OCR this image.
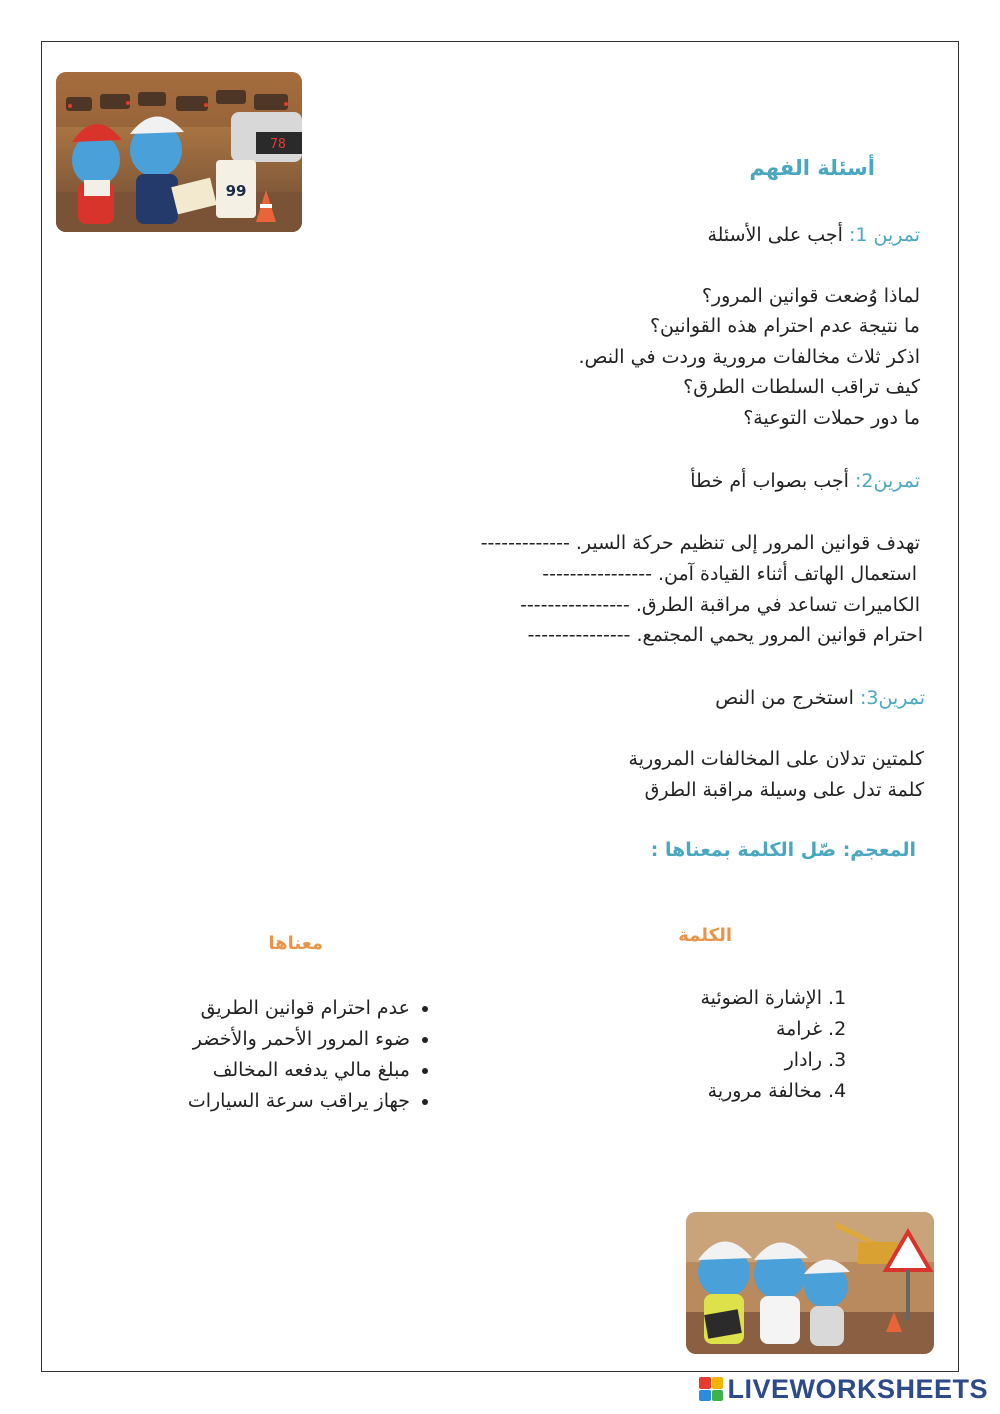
78
99
أسئلة الفهم
تمرين 1: أجب على الأسئلة
لماذا وُضعت قوانين المرور؟
ما نتيجة عدم احترام هذه القوانين؟
اذكر ثلاث مخالفات مرورية وردت في النص.
كيف تراقب السلطات الطرق؟
ما دور حملات التوعية؟
تمرين2: أجب بصواب أم خطأ
تهدف قوانين المرور إلى تنظيم حركة السير. -------------
استعمال الهاتف أثناء القيادة آمن. ----------------
الكاميرات تساعد في مراقبة الطرق. ----------------
احترام قوانين المرور يحمي المجتمع. ---------------
تمرين3: استخرج من النص
كلمتين تدلان على المخالفات المرورية
كلمة تدل على وسيلة مراقبة الطرق
المعجم: صّل الكلمة بمعناها :
الكلمة
معناها
1. الإشارة الضوئية
2. غرامة
3. رادار
4. مخالفة مرورية
• عدم احترام قوانين الطريق
• ضوء المرور الأحمر والأخضر
• مبلغ مالي يدفعه المخالف
• جهاز يراقب سرعة السيارات
LIVEWORKSHEETS
